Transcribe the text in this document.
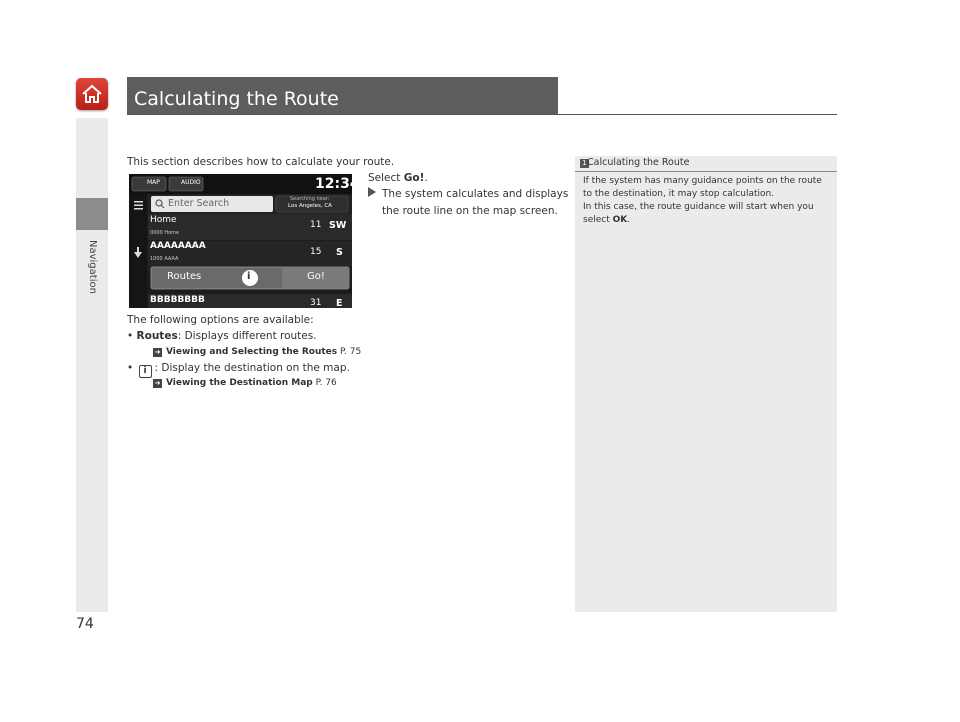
Navigation
Calculating the Route
This section describes how to calculate your route.
Select Go!.
The system calculates and displays
the route line on the map screen.
MAP	AUDIO	12:34
Enter Search	Searching near:
Los Angeles, CA
Home
0000 Home
11 SW
AAAAAAAA
1000 AAAA
15 S
Routes	i	Go!
BBBBBBBB	31 E
The following options are available:
• Routes: Displays different routes.
➜ Viewing and Selecting the Routes P. 75
• i : Display the destination on the map.
➜ Viewing the Destination Map P. 76
1 Calculating the Route
If the system has many guidance points on the route
to the destination, it may stop calculation.
In this case, the route guidance will start when you
select OK.
74
